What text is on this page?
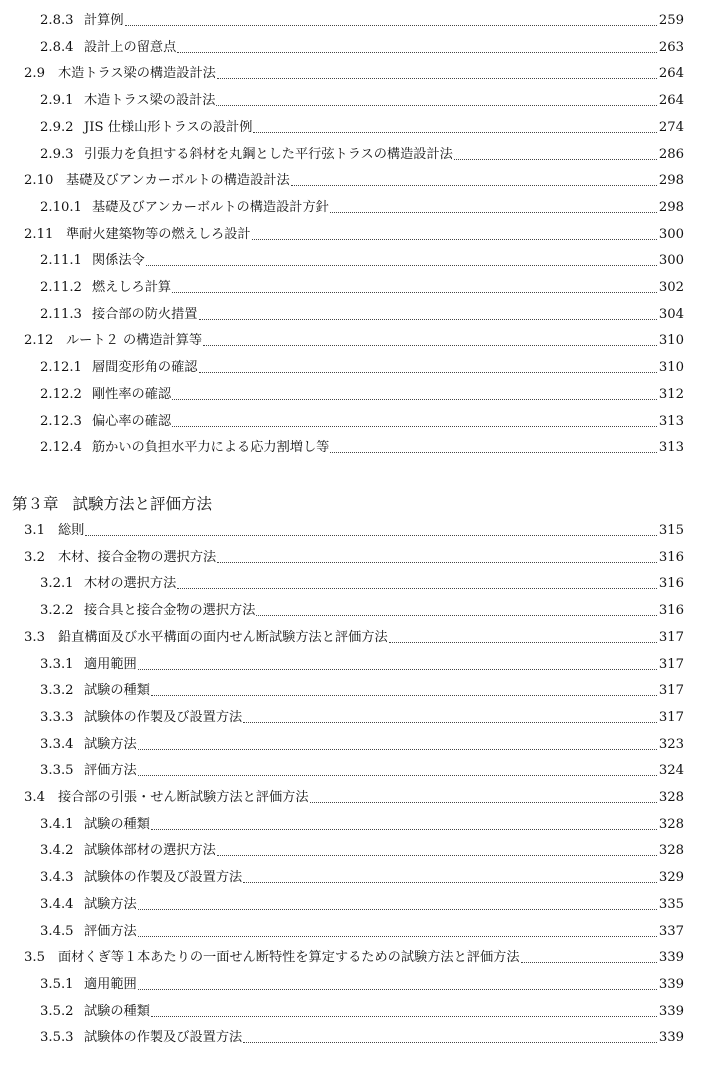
第３章 試験方法と評価方法
2.8.3 計算例	259
2.8.4 設計上の留意点	263
2.9 木造トラス梁の構造設計法	264
2.9.1 木造トラス梁の設計法	264
2.9.2 JIS 仕様山形トラスの設計例	274
2.9.3 引張力を負担する斜材を丸鋼とした平行弦トラスの構造設計法	286
2.10 基礎及びアンカーボルトの構造設計法	298
2.10.1 基礎及びアンカーボルトの構造設計方針	298
2.11 準耐火建築物等の燃えしろ設計	300
2.11.1 関係法令	300
2.11.2 燃えしろ計算	302
2.11.3 接合部の防火措置	304
2.12 ルート２ の構造計算等	310
2.12.1 層間変形角の確認	310
2.12.2 剛性率の確認	312
2.12.3 偏心率の確認	313
2.12.4 筋かいの負担水平力による応力割増し等	313
3.1 総則	315
3.2 木材、接合金物の選択方法	316
3.2.1 木材の選択方法	316
3.2.2 接合具と接合金物の選択方法	316
3.3 鉛直構面及び水平構面の面内せん断試験方法と評価方法	317
3.3.1 適用範囲	317
3.3.2 試験の種類	317
3.3.3 試験体の作製及び設置方法	317
3.3.4 試験方法	323
3.3.5 評価方法	324
3.4 接合部の引張・せん断試験方法と評価方法	328
3.4.1 試験の種類	328
3.4.2 試験体部材の選択方法	328
3.4.3 試験体の作製及び設置方法	329
3.4.4 試験方法	335
3.4.5 評価方法	337
3.5 面材くぎ等１本あたりの一面せん断特性を算定するための試験方法と評価方法	339
3.5.1 適用範囲	339
3.5.2 試験の種類	339
3.5.3 試験体の作製及び設置方法	339
